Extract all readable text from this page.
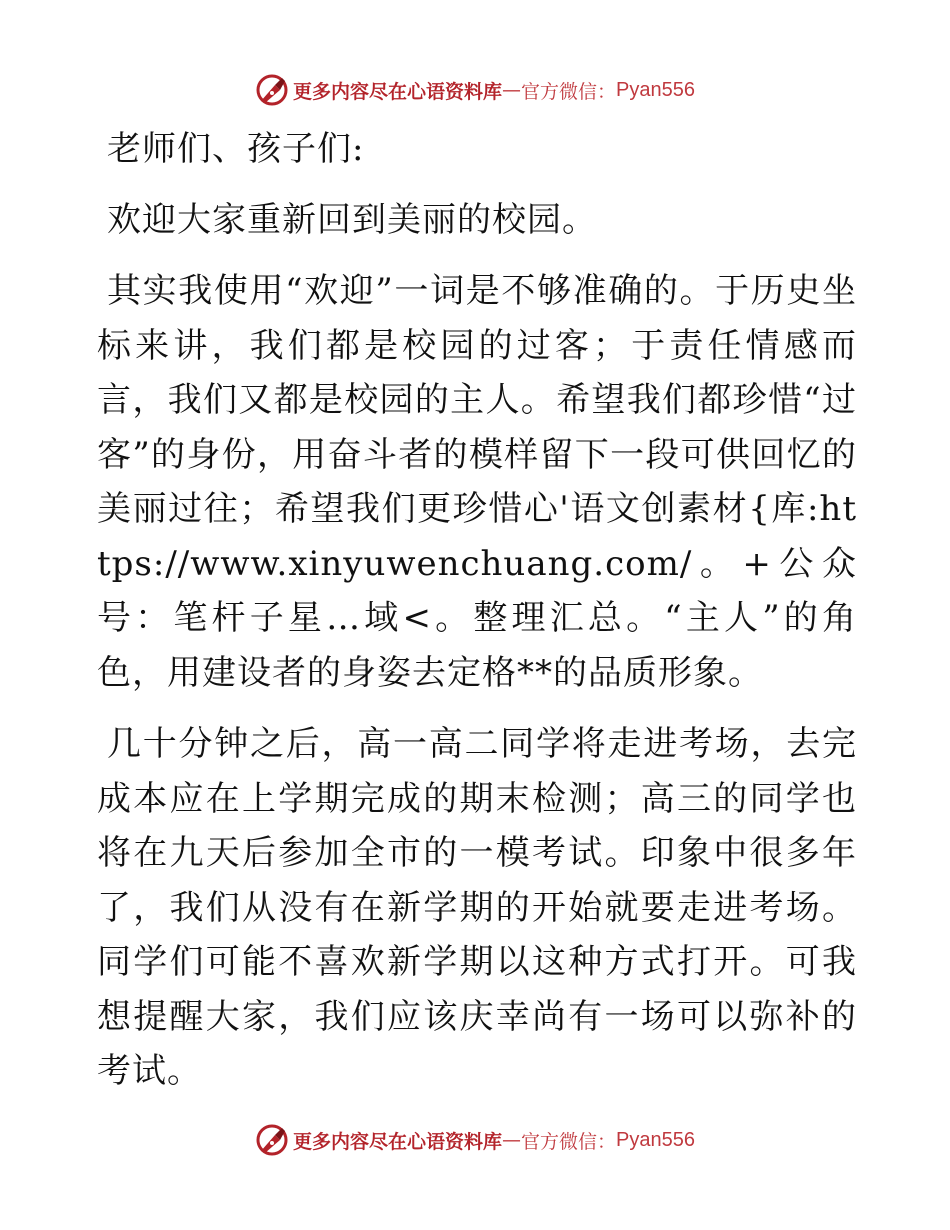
更多内容尽在心语资料库 — 官方微信： Pyan556

老师们、孩子们:

欢迎大家重新回到美丽的校园。

其实我使用“欢迎”一词是不够准确的。于历史坐标来讲，我们都是校园的过客；于责任情感而言，我们又都是校园的主人。希望我们都珍惜“过客”的身份，用奋斗者的模样留下一段可供回忆的美丽过往；希望我们更珍惜心'语文创素材{库:https://www.xinyuwenchuang.com/。+公众号：笔杆子星…域<。整理汇总。“主人”的角色，用建设者的身姿去定格**的品质形象。

几十分钟之后，高一高二同学将走进考场，去完成本应在上学期完成的期末检测；高三的同学也将在九天后参加全市的一模考试。印象中很多年了，我们从没有在新学期的开始就要走进考场。同学们可能不喜欢新学期以这种方式打开。可我想提醒大家，我们应该庆幸尚有一场可以弥补的考试。

更多内容尽在心语资料库 — 官方微信： Pyan556
